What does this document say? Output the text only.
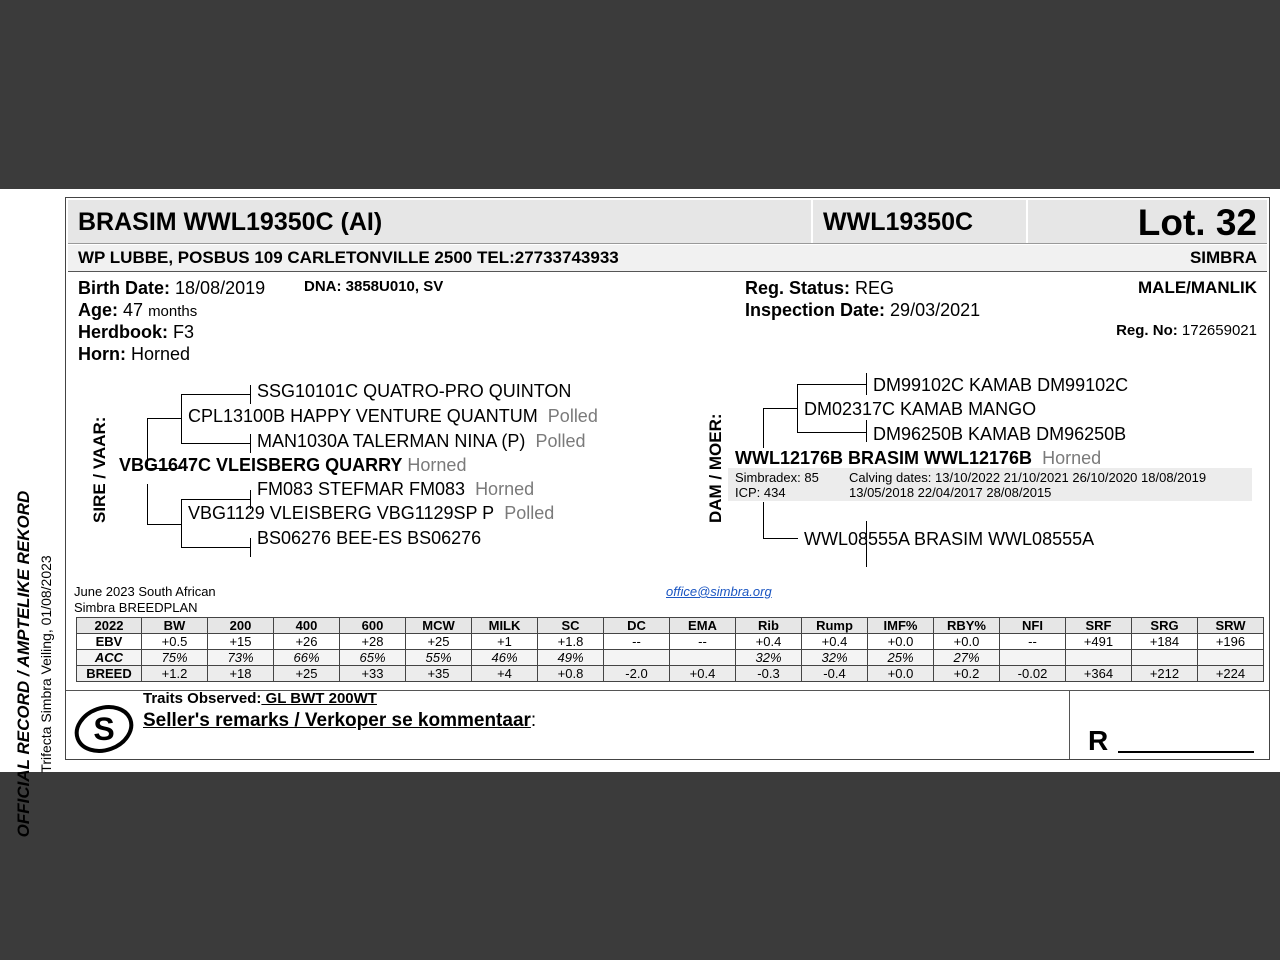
OFFICIAL RECORD / AMPTELIKE REKORD Trifecta Simbra Veiling, 01/08/2023
BRASIM WWL19350C (AI)	WWL19350C	Lot. 32
WP LUBBE, POSBUS 109 CARLETONVILLE 2500 TEL:27733743933	SIMBRA
Birth Date: 18/08/2019	DNA: 3858U010, SV
Age: 47 months
Herdbook: F3
Horn: Horned
Reg. Status: REG
Inspection Date: 29/03/2021
MALE/MANLIK
Reg. No: 172659021
SIRE / VAAR:
SSG10101C QUATRO-PRO QUINTON
CPL13100B HAPPY VENTURE QUANTUM Polled
MAN1030A TALERMAN NINA (P) Polled
VBG1647C VLEISBERG QUARRY Horned
FM083 STEFMAR FM083 Horned
VBG1129 VLEISBERG VBG1129SP P Polled
BS06276 BEE-ES BS06276
DAM / MOER:
DM99102C KAMAB DM99102C
DM02317C KAMAB MANGO
DM96250B KAMAB DM96250B
WWL12176B BRASIM WWL12176B Horned
Simbradex: 85
ICP: 434
Calving dates: 13/10/2022 21/10/2021 26/10/2020 18/08/2019
13/05/2018 22/04/2017 28/08/2015
WWL08555A BRASIM WWL08555A
June 2023 South African
Simbra BREEDPLAN
office@simbra.org
2022	BW	200	400	600	MCW	MILK	SC	DC	EMA	Rib	Rump	IMF%	RBY%	NFI	SRF	SRG	SRW
EBV	+0.5	+15	+26	+28	+25	+1	+1.8	--	--	+0.4	+0.4	+0.0	+0.0	--	+491	+184	+196
ACC	75%	73%	66%	65%	55%	46%	49%			32%	32%	25%	27%				
BREED	+1.2	+18	+25	+33	+35	+4	+0.8	-2.0	+0.4	-0.3	-0.4	+0.0	+0.2	-0.02	+364	+212	+224
S
Traits Observed: GL BWT 200WT
Seller's remarks / Verkoper se kommentaar:
R
